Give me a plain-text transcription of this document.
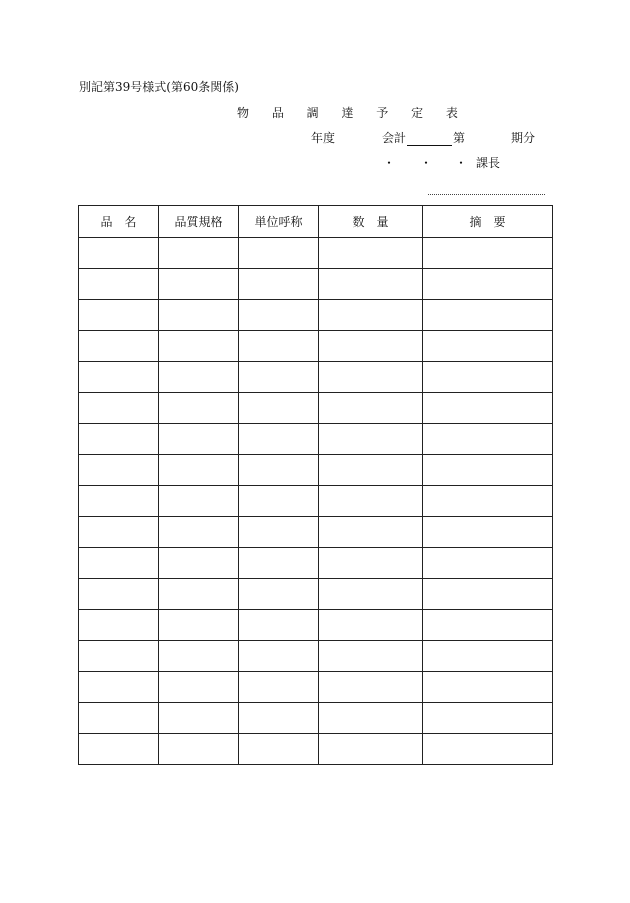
別記第39号様式(第60条関係)
物 品 調 達 予 定 表
年度	会計	第	期分
・ ・ ・ 課長
品　名	品質規格	単位呼称	数　量	摘　要
